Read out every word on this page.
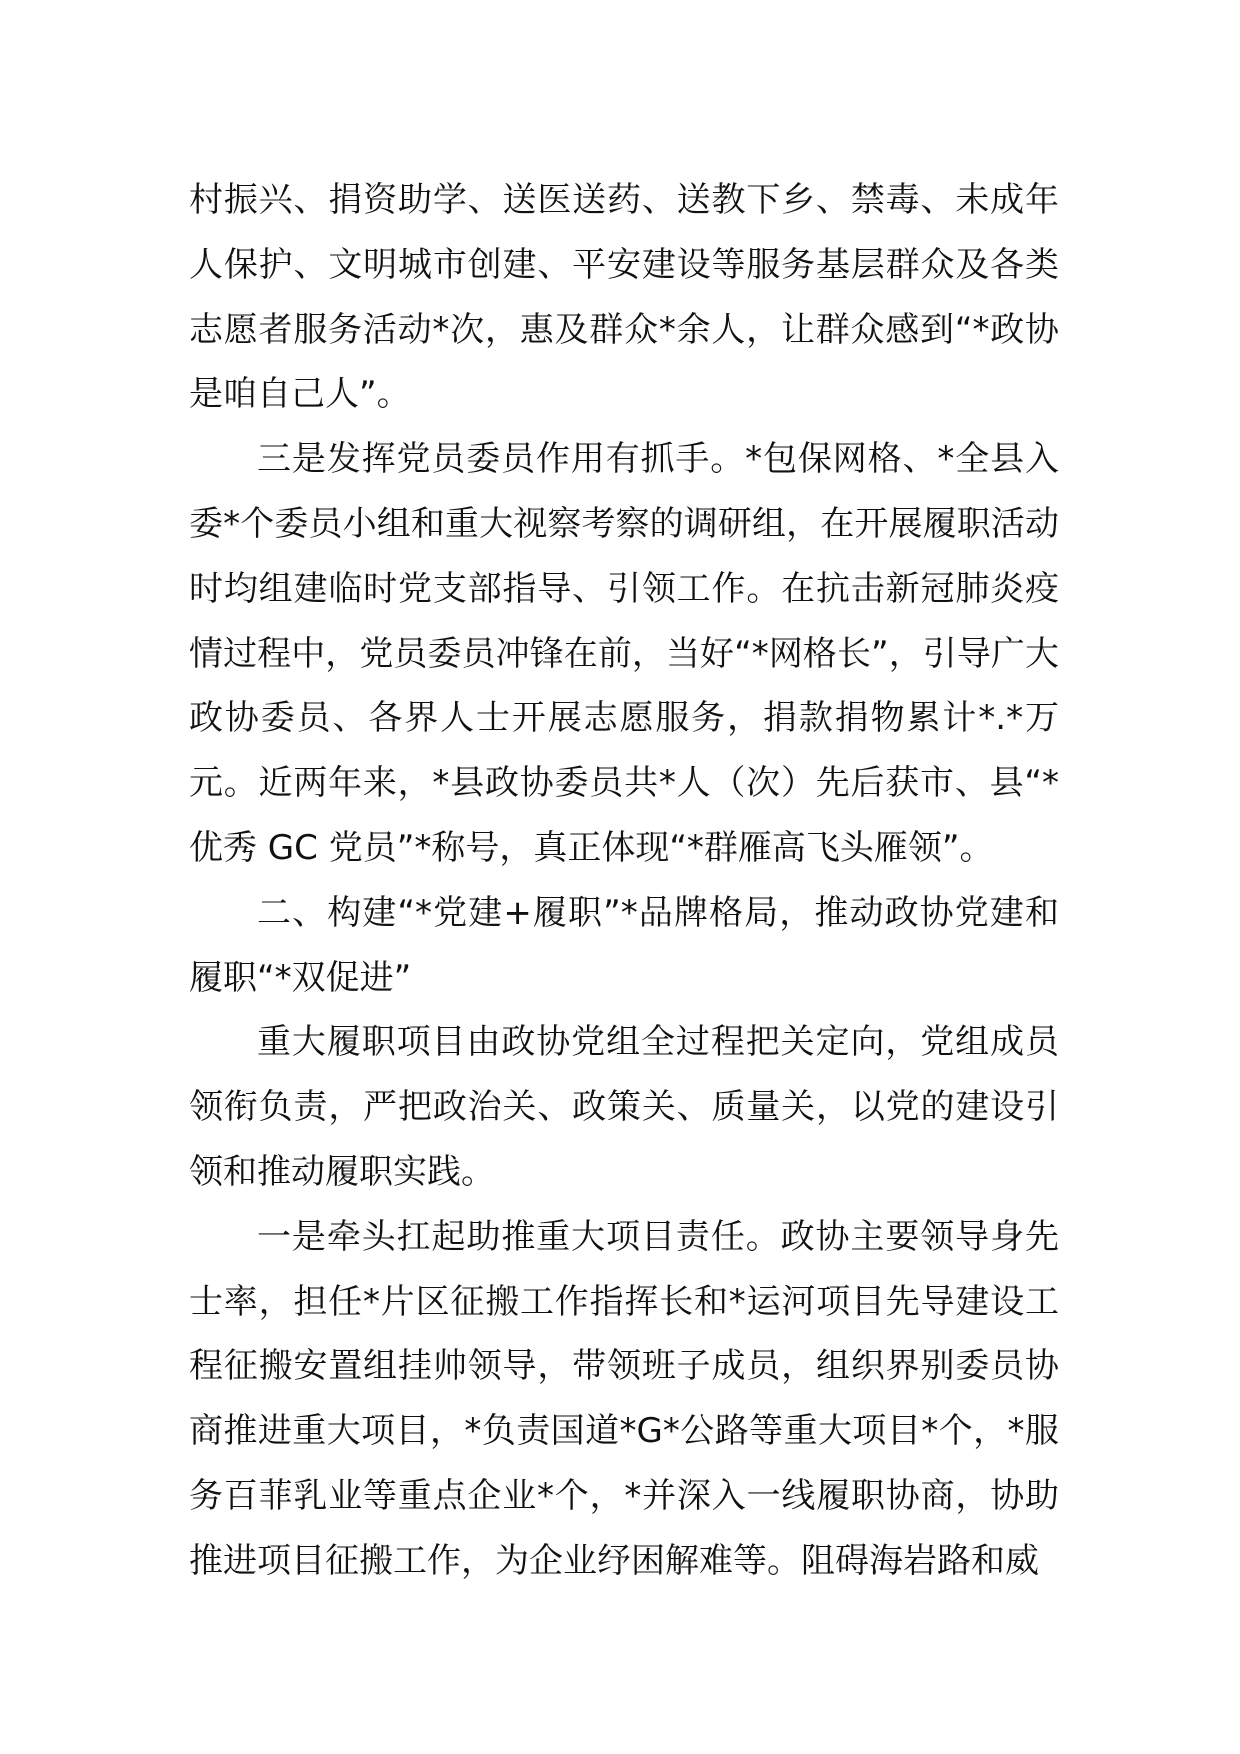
村振兴、捐资助学、送医送药、送教下乡、禁毒、未成年人保护、文明城市创建、平安建设等服务基层群众及各类志愿者服务活动*次，惠及群众*余人，让群众感到“*政协是咱自己人”。

三是发挥党员委员作用有抓手。*包保网格、*全县入委*个委员小组和重大视察考察的调研组，在开展履职活动时均组建临时党支部指导、引领工作。在抗击新冠肺炎疫情过程中，党员委员冲锋在前，当好“*网格长”，引导广大政协委员、各界人士开展志愿服务，捐款捐物累计*.*万元。近两年来，*县政协委员共*人（次）先后获市、县“*优秀 GC 党员”*称号，真正体现“*群雁高飞头雁领”。

二、构建“*党建+履职”*品牌格局，推动政协党建和履职“*双促进”

重大履职项目由政协党组全过程把关定向，党组成员领衔负责，严把政治关、政策关、质量关，以党的建设引领和推动履职实践。

一是牵头扛起助推重大项目责任。政协主要领导身先士率，担任*片区征搬工作指挥长和*运河项目先导建设工程征搬安置组挂帅领导，带领班子成员，组织界别委员协商推进重大项目，*负责国道*G*公路等重大项目*个，*服务百菲乳业等重点企业*个，*并深入一线履职协商，协助推进项目征搬工作，为企业纾困解难等。阻碍海岩路和威
